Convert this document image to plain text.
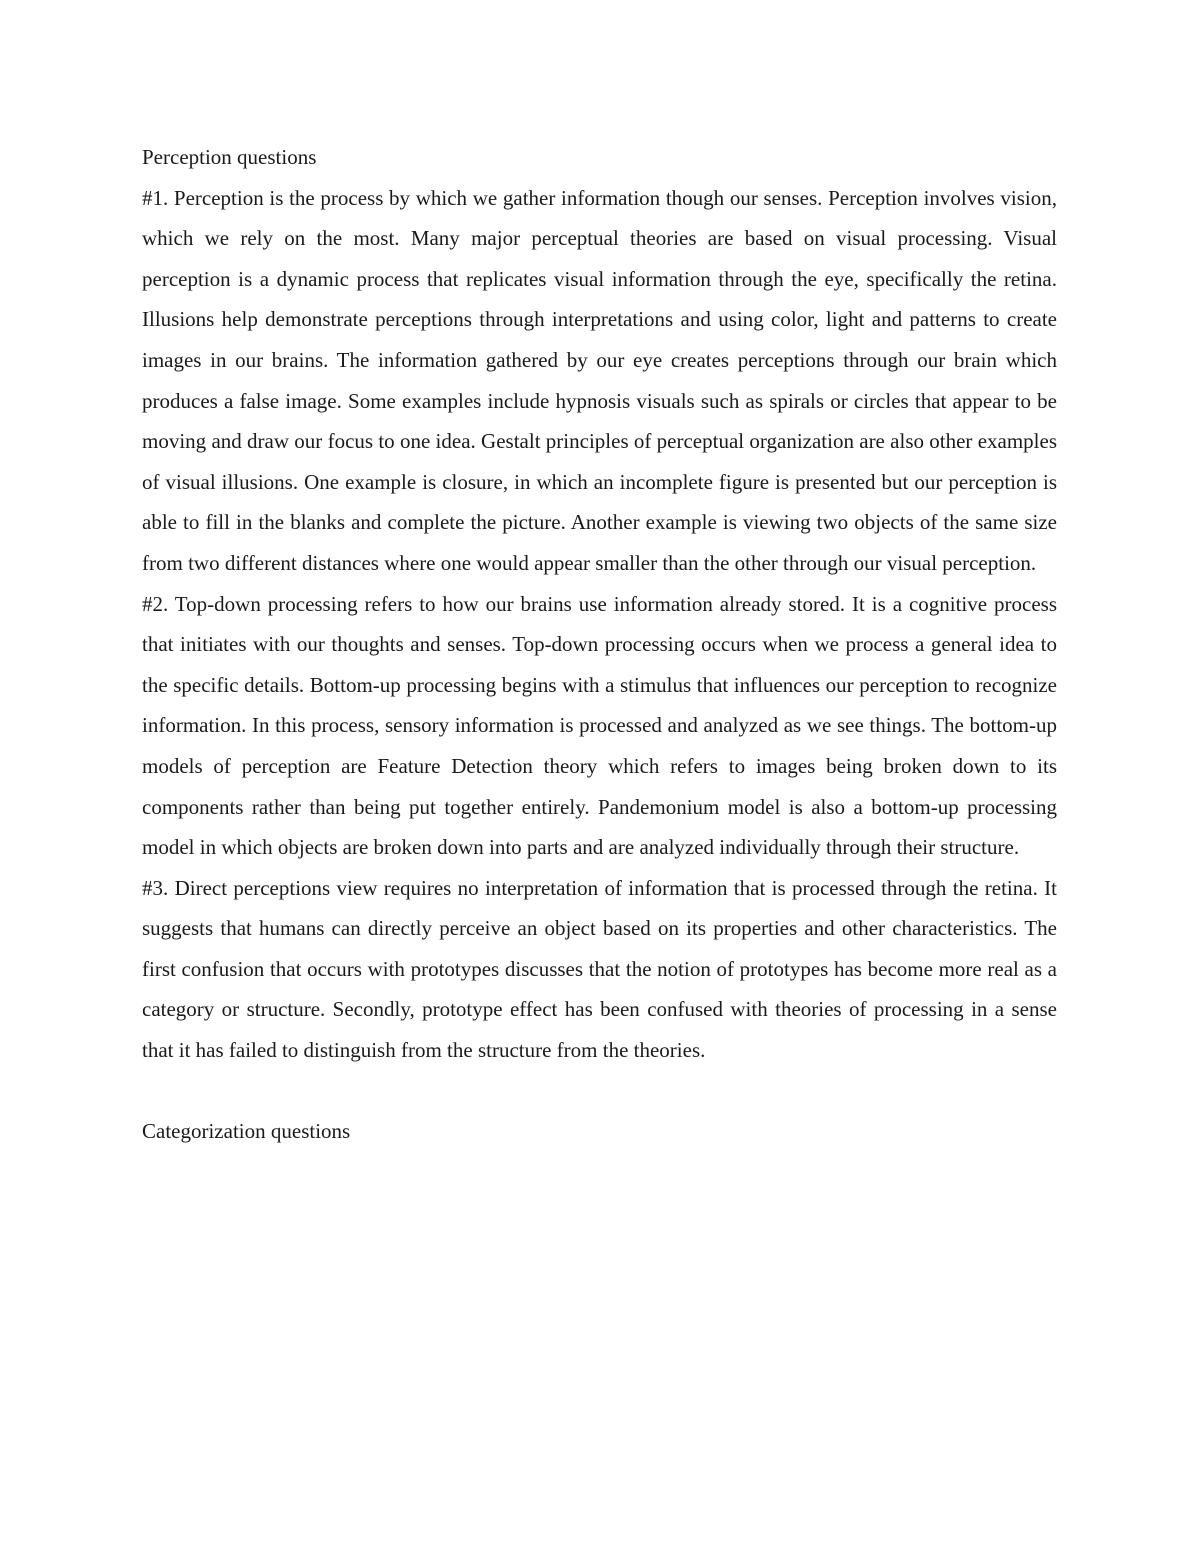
Perception questions

#1. Perception is the process by which we gather information though our senses. Perception involves vision, which we rely on the most. Many major perceptual theories are based on visual processing. Visual perception is a dynamic process that replicates visual information through the eye, specifically the retina. Illusions help demonstrate perceptions through interpretations and using color, light and patterns to create images in our brains. The information gathered by our eye creates perceptions through our brain which produces a false image. Some examples include hypnosis visuals such as spirals or circles that appear to be moving and draw our focus to one idea. Gestalt principles of perceptual organization are also other examples of visual illusions. One example is closure, in which an incomplete figure is presented but our perception is able to fill in the blanks and complete the picture. Another example is viewing two objects of the same size from two different distances where one would appear smaller than the other through our visual perception.

#2. Top-down processing refers to how our brains use information already stored. It is a cognitive process that initiates with our thoughts and senses. Top-down processing occurs when we process a general idea to the specific details. Bottom-up processing begins with a stimulus that influences our perception to recognize information. In this process, sensory information is processed and analyzed as we see things. The bottom-up models of perception are Feature Detection theory which refers to images being broken down to its components rather than being put together entirely. Pandemonium model is also a bottom-up processing model in which objects are broken down into parts and are analyzed individually through their structure.

#3. Direct perceptions view requires no interpretation of information that is processed through the retina. It suggests that humans can directly perceive an object based on its properties and other characteristics. The first confusion that occurs with prototypes discusses that the notion of prototypes has become more real as a category or structure. Secondly, prototype effect has been confused with theories of processing in a sense that it has failed to distinguish from the structure from the theories.

Categorization questions
